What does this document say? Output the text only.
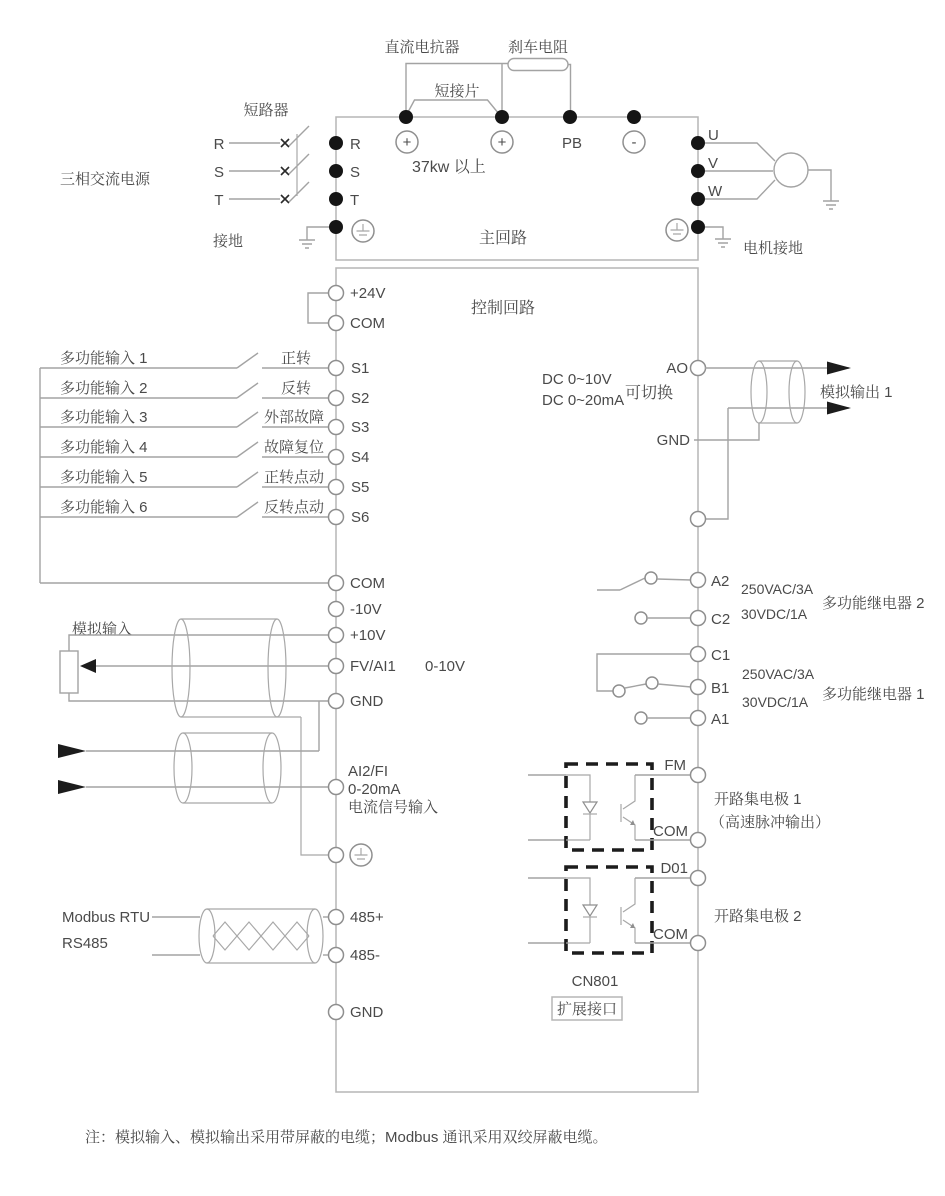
主回路
直流电抗器	刹车电阻
短接片
+	+	PB	-
37kw 以上
三相交流电源
R
S
T
短路器
R
S
T
接地
U
V
W
电机接地
控制回路
+24V
COM
多功能输入 1	正转
S1
多功能输入 2	反转
S2
多功能输入 3	外部故障
S3
多功能输入 4	故障复位
S4
多功能输入 5	正转点动
S5
多功能输入 6	反转点动
S6
COM
模拟输入
-10V
+10V
FV/AI1 0-10V
GND
AI2/FI
0-20mA
电流信号输入
Modbus RTU
RS485
485+
485-
GND
DC 0~10V
DC 0~20mA 可切换
AO
GND
模拟输出 1
A2
C2
250VAC/3A
30VDC/1A
多功能继电器 2
C1
B1
A1
250VAC/3A
30VDC/1A 多功能继电器 1
FM
COM
开路集电极 1
（高速脉冲输出）
D01
COM
开路集电极 2
CN801
扩展接口
注：模拟输入、模拟输出采用带屏蔽的电缆；Modbus 通讯采用双绞屏蔽电缆。
